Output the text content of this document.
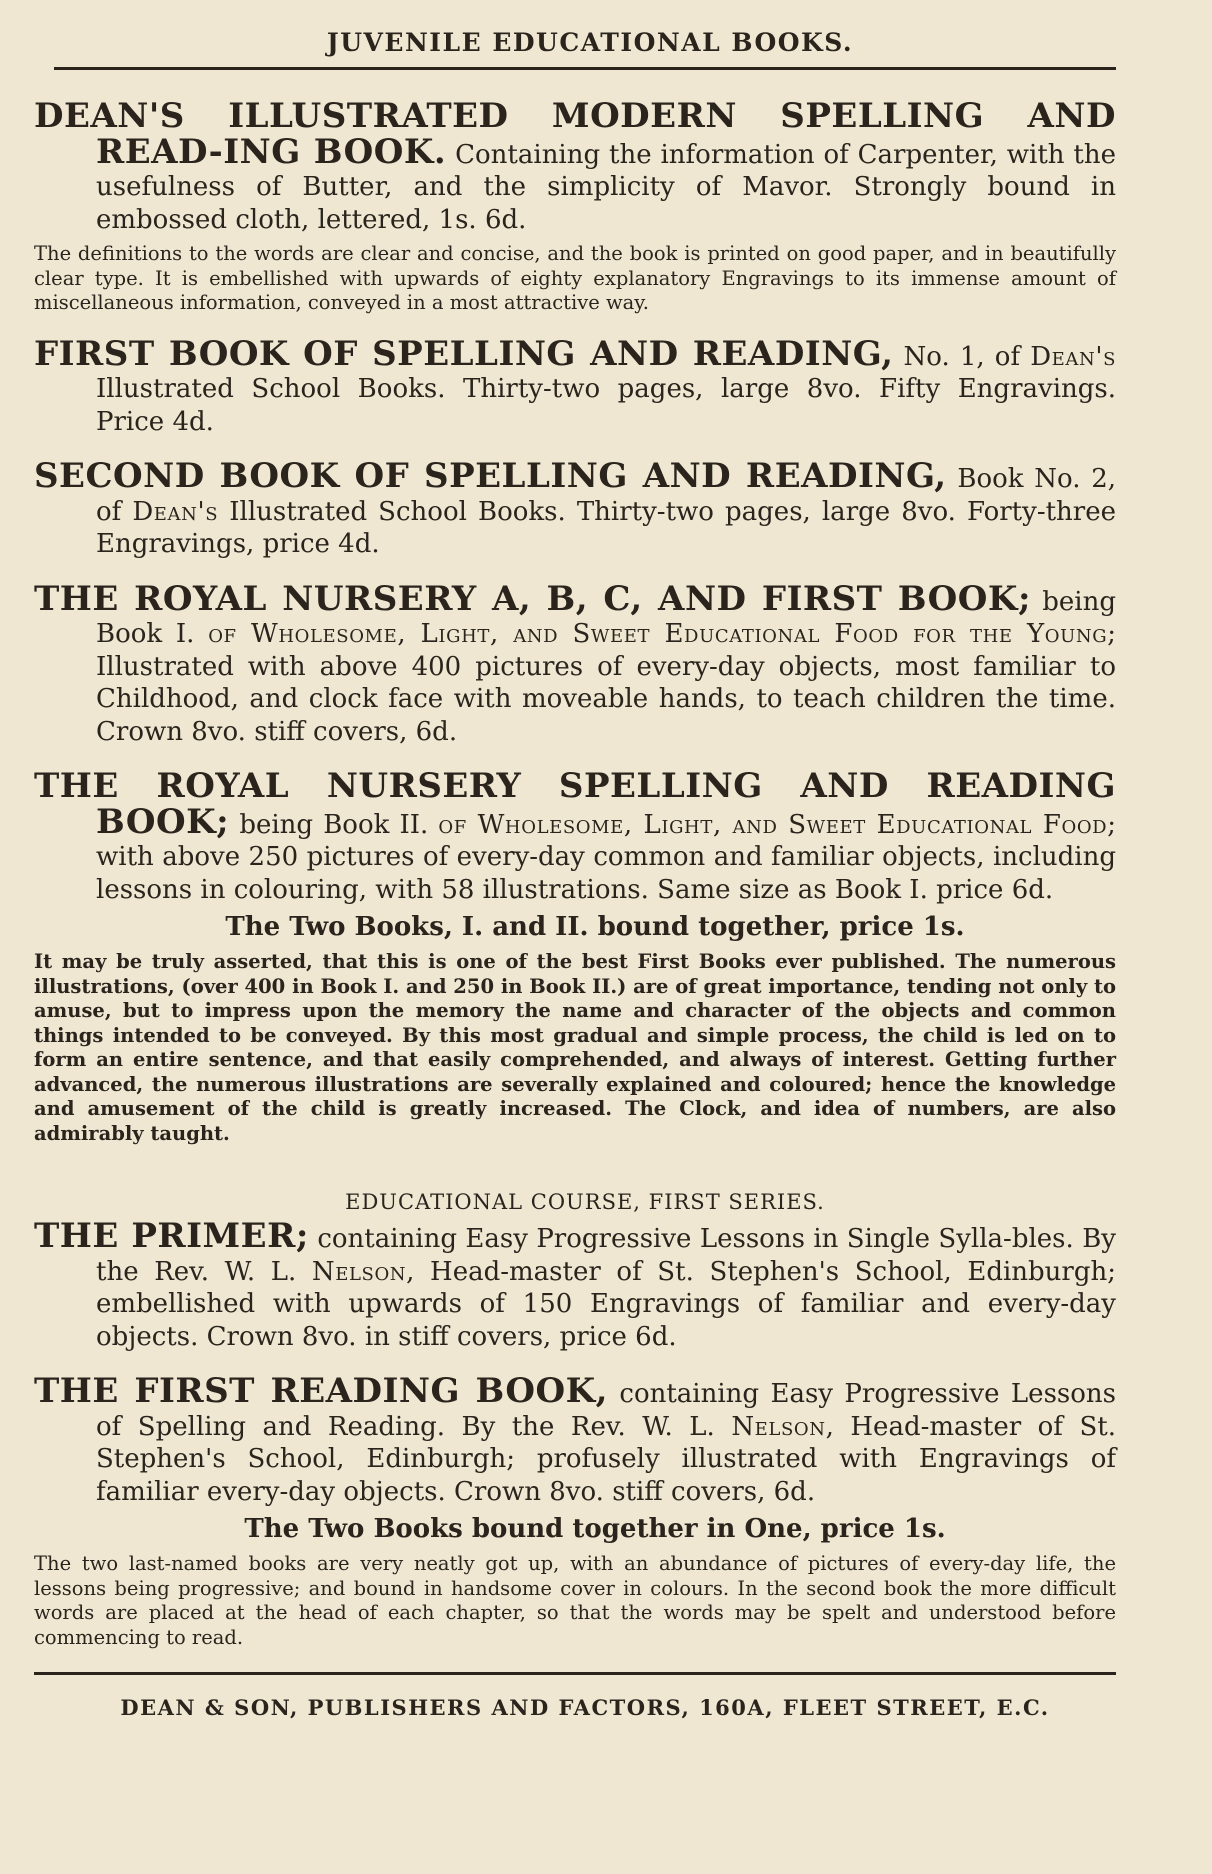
JUVENILE EDUCATIONAL BOOKS.
DEAN'S ILLUSTRATED MODERN SPELLING AND READ-ING BOOK. Containing the information of Carpenter, with the usefulness of Butter, and the simplicity of Mavor. Strongly bound in embossed cloth, lettered, 1s. 6d.
The definitions to the words are clear and concise, and the book is printed on good paper, and in beautifully clear type. It is embellished with upwards of eighty explanatory Engravings to its immense amount of miscellaneous information, conveyed in a most attractive way.
FIRST BOOK OF SPELLING AND READING, No. 1, of Dean's Illustrated School Books. Thirty-two pages, large 8vo. Fifty Engravings. Price 4d.
SECOND BOOK OF SPELLING AND READING, Book No. 2, of Dean's Illustrated School Books. Thirty-two pages, large 8vo. Forty-three Engravings, price 4d.
THE ROYAL NURSERY A, B, C, AND FIRST BOOK; being Book I. of Wholesome, Light, and Sweet Educational Food for the Young; Illustrated with above 400 pictures of every-day objects, most familiar to Childhood, and clock face with moveable hands, to teach children the time. Crown 8vo. stiff covers, 6d.
THE ROYAL NURSERY SPELLING AND READING BOOK; being Book II. of Wholesome, Light, and Sweet Educational Food; with above 250 pictures of every-day common and familiar objects, including lessons in colouring, with 58 illustrations. Same size as Book I. price 6d.
The Two Books, I. and II. bound together, price 1s.
It may be truly asserted, that this is one of the best First Books ever published. The numerous illustrations, (over 400 in Book I. and 250 in Book II.) are of great importance, tending not only to amuse, but to impress upon the memory the name and character of the objects and common things intended to be conveyed. By this most gradual and simple process, the child is led on to form an entire sentence, and that easily comprehended, and always of interest. Getting further advanced, the numerous illustrations are severally explained and coloured; hence the knowledge and amusement of the child is greatly increased. The Clock, and idea of numbers, are also admirably taught.
EDUCATIONAL COURSE, FIRST SERIES.
THE PRIMER; containing Easy Progressive Lessons in Single Sylla-bles. By the Rev. W. L. Nelson, Head-master of St. Stephen's School, Edinburgh; embellished with upwards of 150 Engravings of familiar and every-day objects. Crown 8vo. in stiff covers, price 6d.
THE FIRST READING BOOK, containing Easy Progressive Lessons of Spelling and Reading. By the Rev. W. L. Nelson, Head-master of St. Stephen's School, Edinburgh; profusely illustrated with Engravings of familiar every-day objects. Crown 8vo. stiff covers, 6d.
The Two Books bound together in One, price 1s.
The two last-named books are very neatly got up, with an abundance of pictures of every-day life, the lessons being progressive; and bound in handsome cover in colours. In the second book the more difficult words are placed at the head of each chapter, so that the words may be spelt and understood before commencing to read.
DEAN & SON, PUBLISHERS AND FACTORS, 160A, FLEET STREET, E.C.
